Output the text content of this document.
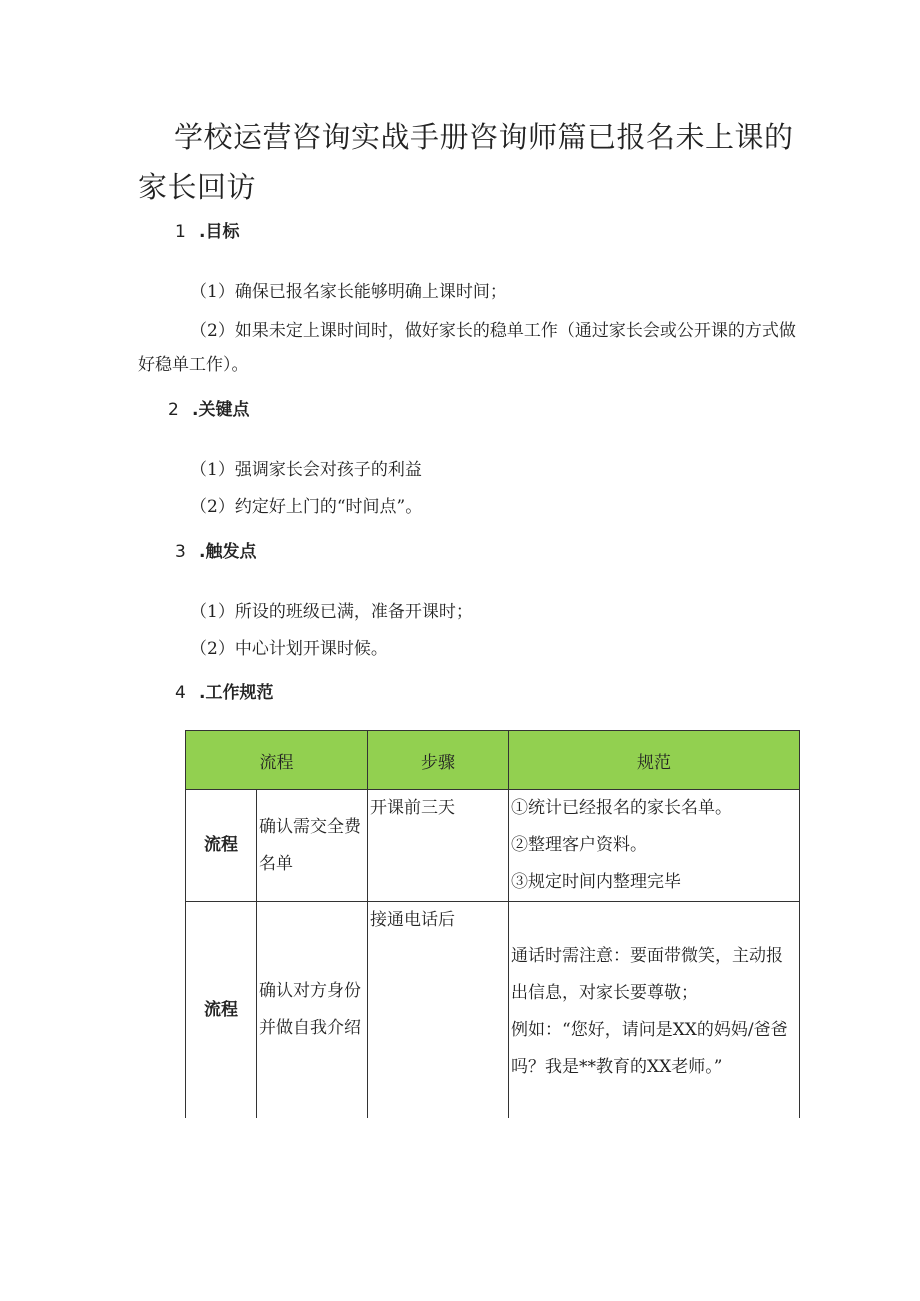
学校运营咨询实战手册咨询师篇已报名未上课的家长回访
1 .目标

（1）确保已报名家长能够明确上课时间；

（2）如果未定上课时间时，做好家长的稳单工作（通过家长会或公开课的方式做好稳单工作）。

2 .关键点

（1）强调家长会对孩子的利益

（2）约定好上门的“时间点”。

3 .触发点

（1）所设的班级已满，准备开课时；

（2）中心计划开课时候。

4 .工作规范
流程		步骤	规范
流程	确认需交全费名单	开课前三天	①统计已经报名的家长名单。
②整理客户资料。
③规定时间内整理完毕

流程	确认对方身份并做自我介绍	接通电话后	通话时需注意：要面带微笑，主动报出信息，对家长要尊敬；
例如：“您好，请问是XX的妈妈/爸爸吗？我是**教育的XX老师。”
